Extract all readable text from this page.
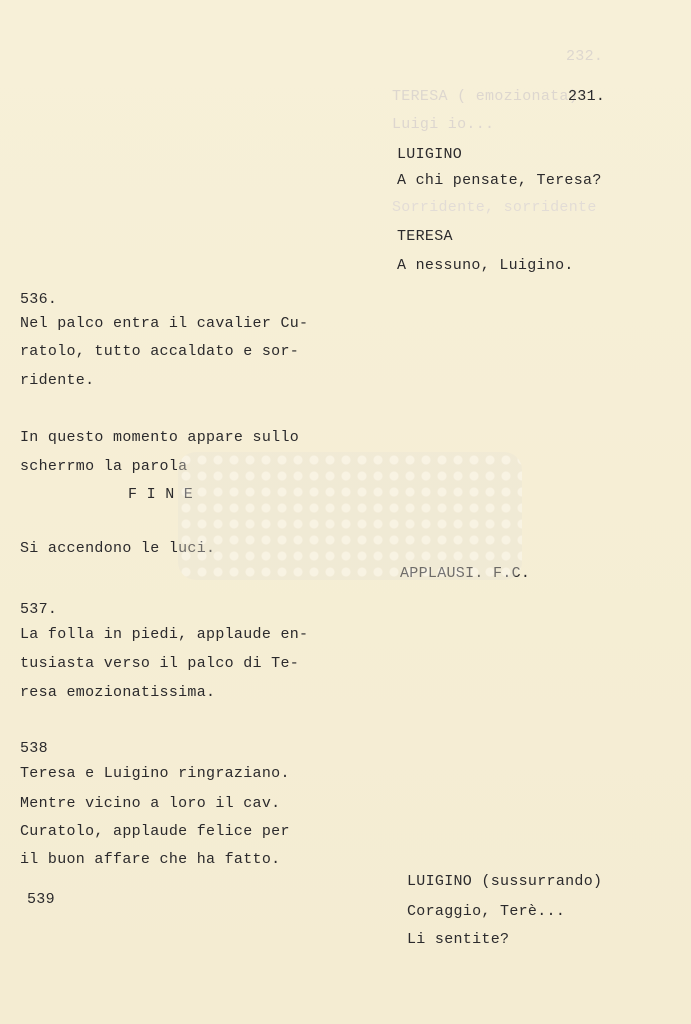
232.
TERESA ( emozionata)
Luigi io...
Sorridente, sorridente
231.
LUIGINO
A chi pensate, Teresa?
TERESA
A nessuno, Luigino.
APPLAUSI. F.C.
LUIGINO (sussurrando)
Coraggio, Terè...
Li sentite?
536.
Nel palco entra il cavalier Cu-
ratolo, tutto accaldato e sor-
ridente.
In questo momento appare sullo
scherrmo la parola
F I N E
Si accendono le luci.
537.
La folla in piedi, applaude en-
tusiasta verso il palco di Te-
resa emozionatissima.
538
Teresa e Luigino ringraziano.
Mentre vicino a loro il cav.
Curatolo, applaude felice per
il buon affare che ha fatto.
539
